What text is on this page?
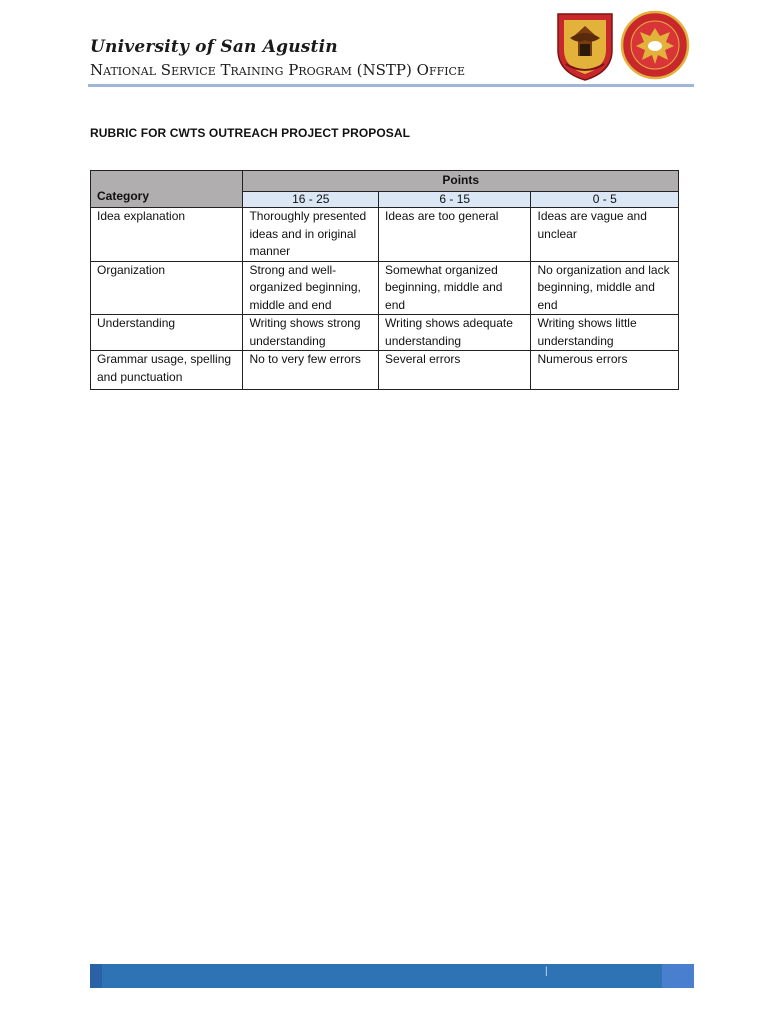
University of San Agustin
National Service Training Program (NSTP) Office
RUBRIC FOR CWTS OUTREACH PROJECT PROPOSAL
Category	Points		
	16 - 25	6 - 15	0 - 5
Idea explanation	Thoroughly presented ideas and in original manner	Ideas are too general	Ideas are vague and unclear
Organization	Strong and well-organized beginning, middle and end	Somewhat organized beginning, middle and end	No organization and lack beginning, middle and end
Understanding	Writing shows strong understanding	Writing shows adequate understanding	Writing shows little understanding
Grammar usage, spelling and punctuation	No to very few errors	Several errors	Numerous errors
|
